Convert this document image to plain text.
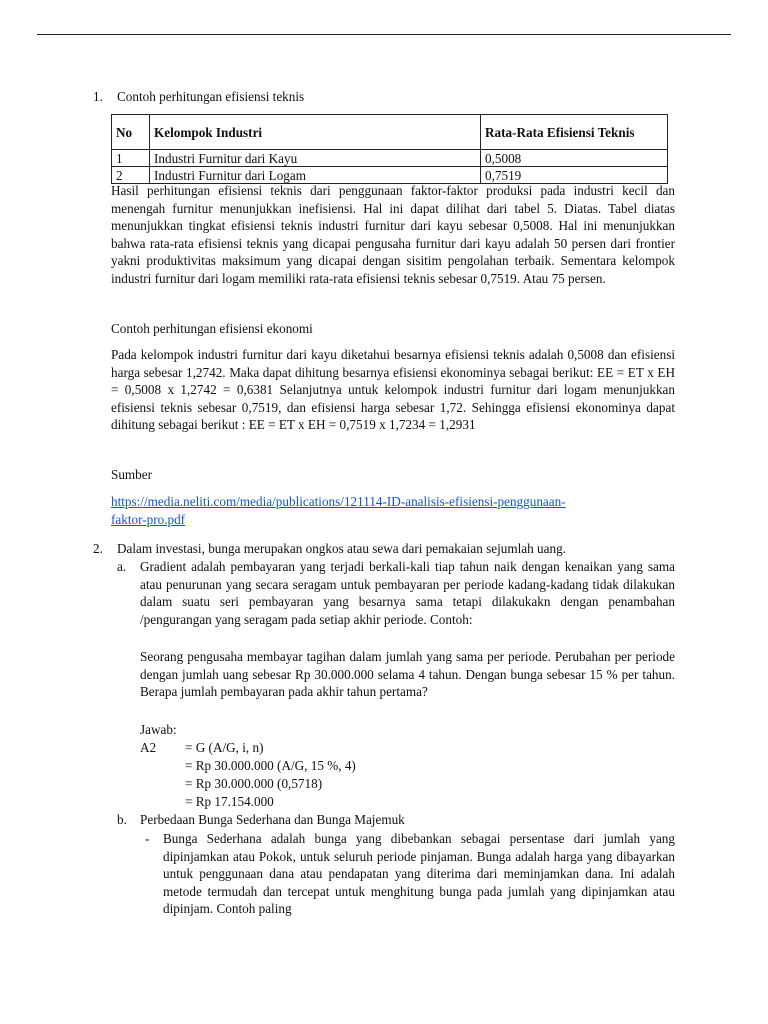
1.	Contoh perhitungan efisiensi teknis
No	Kelompok Industri	Rata-Rata Efisiensi Teknis
1	Industri Furnitur dari Kayu	0,5008
2	Industri Furnitur dari Logam	0,7519

Hasil perhitungan efisiensi teknis dari penggunaan faktor-faktor produksi pada industri kecil dan menengah furnitur menunjukkan inefisiensi. Hal ini dapat dilihat dari tabel 5. Diatas. Tabel diatas menunjukkan tingkat efisiensi teknis industri furnitur dari kayu sebesar 0,5008. Hal ini menunjukkan bahwa rata-rata efisiensi teknis yang dicapai pengusaha furnitur dari kayu adalah 50 persen dari frontier yakni produktivitas maksimum yang dicapai dengan sisitim pengolahan terbaik. Sementara kelompok industri furnitur dari logam memiliki rata-rata efisiensi teknis sebesar 0,7519. Atau 75 persen.

Contoh perhitungan efisiensi ekonomi

Pada kelompok industri furnitur dari kayu diketahui besarnya efisiensi teknis adalah 0,5008 dan efisiensi harga sebesar 1,2742. Maka dapat dihitung besarnya efisiensi ekonominya sebagai berikut: EE = ET x EH = 0,5008 x 1,2742 = 0,6381 Selanjutnya untuk kelompok industri furnitur dari logam menunjukkan efisiensi teknis sebesar 0,7519, dan efisiensi harga sebesar 1,72. Sehingga efisiensi ekonominya dapat dihitung sebagai berikut : EE = ET x EH = 0,7519 x 1,7234 = 1,2931

Sumber
https://media.neliti.com/media/publications/121114-ID-analisis-efisiensi-penggunaan-
faktor-pro.pdf
2.	Dalam investasi, bunga merupakan ongkos atau sewa dari pemakaian sejumlah uang.
a. Gradient adalah pembayaran yang terjadi berkali-kali tiap tahun naik dengan kenaikan yang sama atau penurunan yang secara seragam untuk pembayaran per periode kadang-kadang tidak dilakukan dalam suatu seri pembayaran yang besarnya sama tetapi dilakukakn dengan penambahan /pengurangan yang seragam pada setiap akhir periode. Contoh:

Seorang pengusaha membayar tagihan dalam jumlah yang sama per periode. Perubahan per periode dengan jumlah uang sebesar Rp 30.000.000 selama 4 tahun. Dengan bunga sebesar 15 % per tahun. Berapa jumlah pembayaran pada akhir tahun pertama?

Jawab:
A2 = G (A/G, i, n)
= Rp 30.000.000 (A/G, 15 %, 4)
= Rp 30.000.000 (0,5718)
= Rp 17.154.000
b. Perbedaan Bunga Sederhana dan Bunga Majemuk
- Bunga Sederhana adalah bunga yang dibebankan sebagai persentase dari jumlah yang dipinjamkan atau Pokok, untuk seluruh periode pinjaman. Bunga adalah harga yang dibayarkan untuk penggunaan dana atau pendapatan yang diterima dari meminjamkan dana. Ini adalah metode termudah dan tercepat untuk menghitung bunga pada jumlah yang dipinjamkan atau dipinjam. Contoh paling
